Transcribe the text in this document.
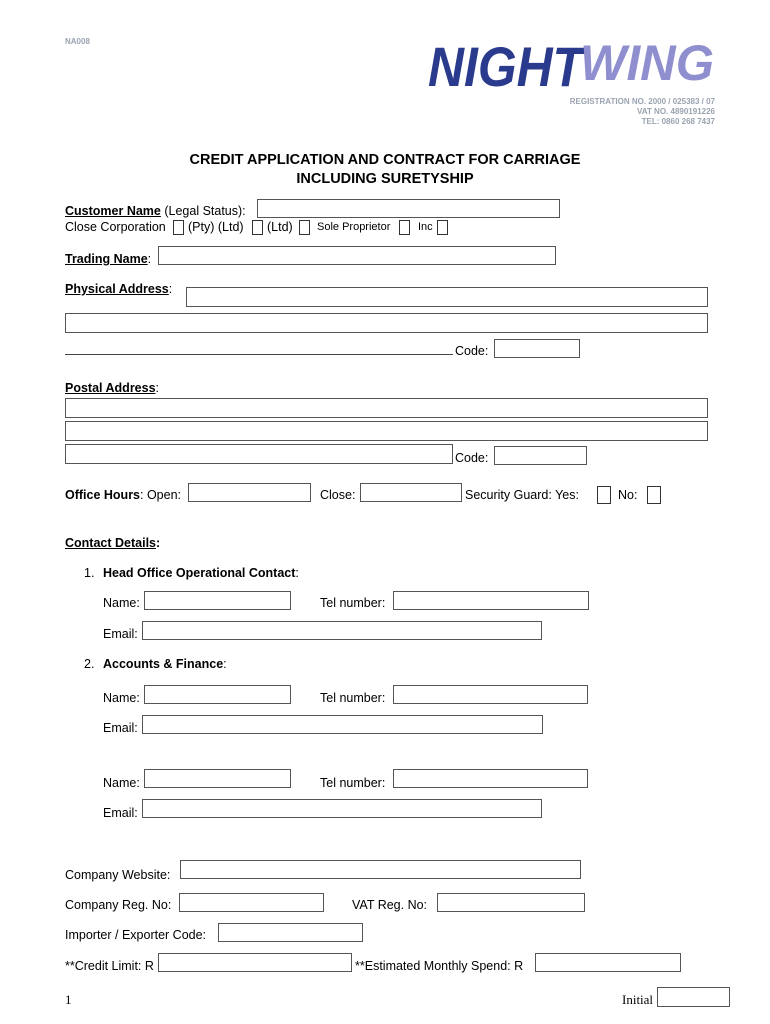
NA008	NIGHT
WING
REGISTRATION NO. 2000 / 025383 / 07
VAT NO. 4890191226
TEL: 0860 268 7437
CREDIT APPLICATION AND CONTRACT FOR CARRIAGE
INCLUDING SURETYSHIP
Customer Name (Legal Status):
Close Corporation (Pty) (Ltd) (Ltd) Sole Proprietor	Inc
Trading Name:
Physical Address:
Code:
Postal Address:
Code:
Office Hours: Open:	Close:	Security Guard: Yes:	No:
Contact Details:
1. Head Office Operational Contact:
Name:	Tel number:
Email:
2. Accounts & Finance:
Name:	Tel number:
Email:
Name:	Tel number:
Email:
Company Website:
Company Reg. No:	VAT Reg. No:
Importer / Exporter Code:
**Credit Limit: R	**Estimated Monthly Spend: R
1	Initial
